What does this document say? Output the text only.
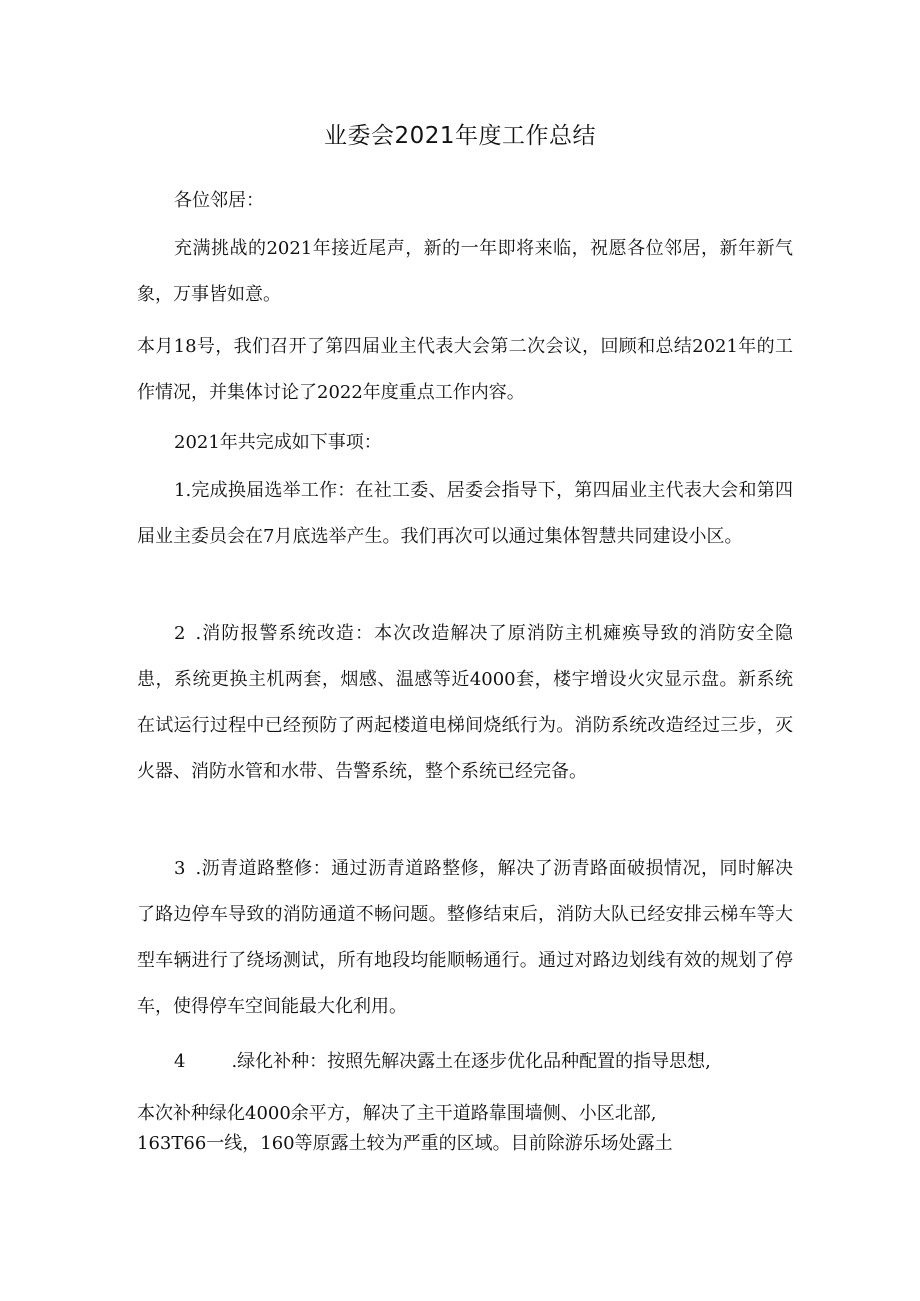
业委会2021年度工作总结
各位邻居：
充满挑战的2021年接近尾声，新的一年即将来临，祝愿各位邻居，新年新气象，万事皆如意。
本月18号，我们召开了第四届业主代表大会第二次会议，回顾和总结2021年的工作情况，并集体讨论了2022年度重点工作内容。
2021年共完成如下事项：
1.完成换届选举工作：在社工委、居委会指导下，第四届业主代表大会和第四届业主委员会在7月底选举产生。我们再次可以通过集体智慧共同建设小区。
2 .消防报警系统改造：本次改造解决了原消防主机瘫痪导致的消防安全隐患，系统更换主机两套，烟感、温感等近4000套，楼宇增设火灾显示盘。新系统在试运行过程中已经预防了两起楼道电梯间烧纸行为。消防系统改造经过三步，灭火器、消防水管和水带、告警系统，整个系统已经完备。
3 .沥青道路整修：通过沥青道路整修，解决了沥青路面破损情况，同时解决了路边停车导致的消防通道不畅问题。整修结束后，消防大队已经安排云梯车等大型车辆进行了绕场测试，所有地段均能顺畅通行。通过对路边划线有效的规划了停车，使得停车空间能最大化利用。
4	.绿化补种：按照先解决露土在逐步优化品种配置的指导思想,
本次补种绿化4000余平方，解决了主干道路靠围墙侧、小区北部,
163T66一线，160等原露土较为严重的区域。目前除游乐场处露土
